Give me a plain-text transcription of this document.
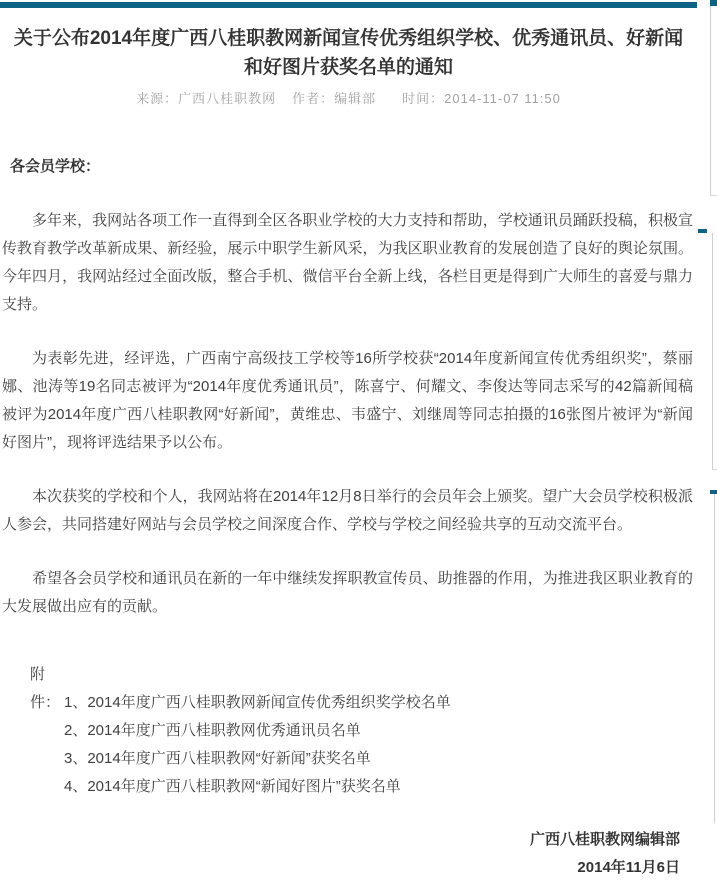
关于公布2014年度广西八桂职教网新闻宣传优秀组织学校、优秀通讯员、好新闻和好图片获奖名单的通知
来源：广西八桂职教网 作者：编辑部 时间：2014-11-07 11:50
各会员学校：

多年来，我网站各项工作一直得到全区各职业学校的大力支持和帮助，学校通讯员踊跃投稿，积极宣传教育教学改革新成果、新经验，展示中职学生新风采，为我区职业教育的发展创造了良好的舆论氛围。今年四月，我网站经过全面改版，整合手机、微信平台全新上线，各栏目更是得到广大师生的喜爱与鼎力支持。

为表彰先进，经评选，广西南宁高级技工学校等16所学校获“2014年度新闻宣传优秀组织奖”，蔡丽娜、池涛等19名同志被评为“2014年度优秀通讯员”，陈喜宁、何耀文、李俊达等同志采写的42篇新闻稿被评为2014年度广西八桂职教网“好新闻”，黄维忠、韦盛宁、刘继周等同志拍摄的16张图片被评为“新闻好图片”，现将评选结果予以公布。

本次获奖的学校和个人，我网站将在2014年12月8日举行的会员年会上颁奖。望广大会员学校积极派人参会，共同搭建好网站与会员学校之间深度合作、学校与学校之间经验共享的互动交流平台。

希望各会员学校和通讯员在新的一年中继续发挥职教宣传员、助推器的作用，为推进我区职业教育的大发展做出应有的贡献。

附件： 1、2014年度广西八桂职教网新闻宣传优秀组织奖学校名单
2、2014年度广西八桂职教网优秀通讯员名单
3、2014年度广西八桂职教网“好新闻”获奖名单
4、2014年度广西八桂职教网“新闻好图片”获奖名单
广西八桂职教网编辑部
2014年11月6日
